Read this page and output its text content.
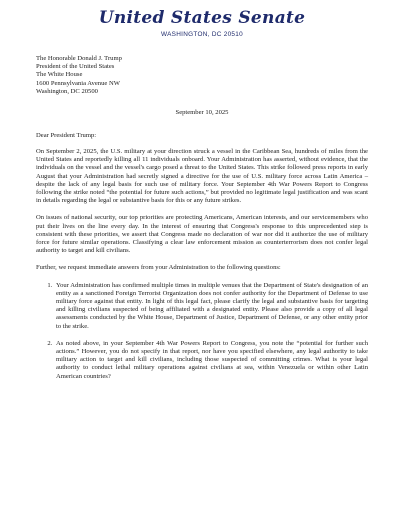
United States Senate
WASHINGTON, DC 20510
The Honorable Donald J. Trump
President of the United States
The White House
1600 Pennsylvania Avenue NW
Washington, DC 20500
September 10, 2025
Dear President Trump:

On September 2, 2025, the U.S. military at your direction struck a vessel in the Caribbean Sea, hundreds of miles from the United States and reportedly killing all 11 individuals onboard. Your Administration has asserted, without evidence, that the individuals on the vessel and the vessel's cargo posed a threat to the United States. This strike followed press reports in early August that your Administration had secretly signed a directive for the use of U.S. military force across Latin America – despite the lack of any legal basis for such use of military force. Your September 4th War Powers Report to Congress following the strike noted “the potential for future such actions,” but provided no legitimate legal justification and was scant in details regarding the legal or substantive basis for this or any future strikes.

On issues of national security, our top priorities are protecting Americans, American interests, and our servicemembers who put their lives on the line every day. In the interest of ensuring that Congress's response to this unprecedented step is consistent with these priorities, we assert that Congress made no declaration of war nor did it authorize the use of military force for future similar operations. Classifying a clear law enforcement mission as counterterrorism does not confer legal authority to target and kill civilians.

Further, we request immediate answers from your Administration to the following questions:

1. Your Administration has confirmed multiple times in multiple venues that the Department of State's designation of an entity as a sanctioned Foreign Terrorist Organization does not confer authority for the Department of Defense to use military force against that entity. In light of this legal fact, please clarify the legal and substantive basis for targeting and killing civilians suspected of being affiliated with a designated entity. Please also provide a copy of all legal assessments conducted by the White House, Department of Justice, Department of Defense, or any other entity prior to the strike.
2. As noted above, in your September 4th War Powers Report to Congress, you note the “potential for further such actions.” However, you do not specify in that report, nor have you specified elsewhere, any legal authority to take military action to target and kill civilians, including those suspected of committing crimes. What is your legal authority to conduct lethal military operations against civilians at sea, within Venezuela or within other Latin American countries?
